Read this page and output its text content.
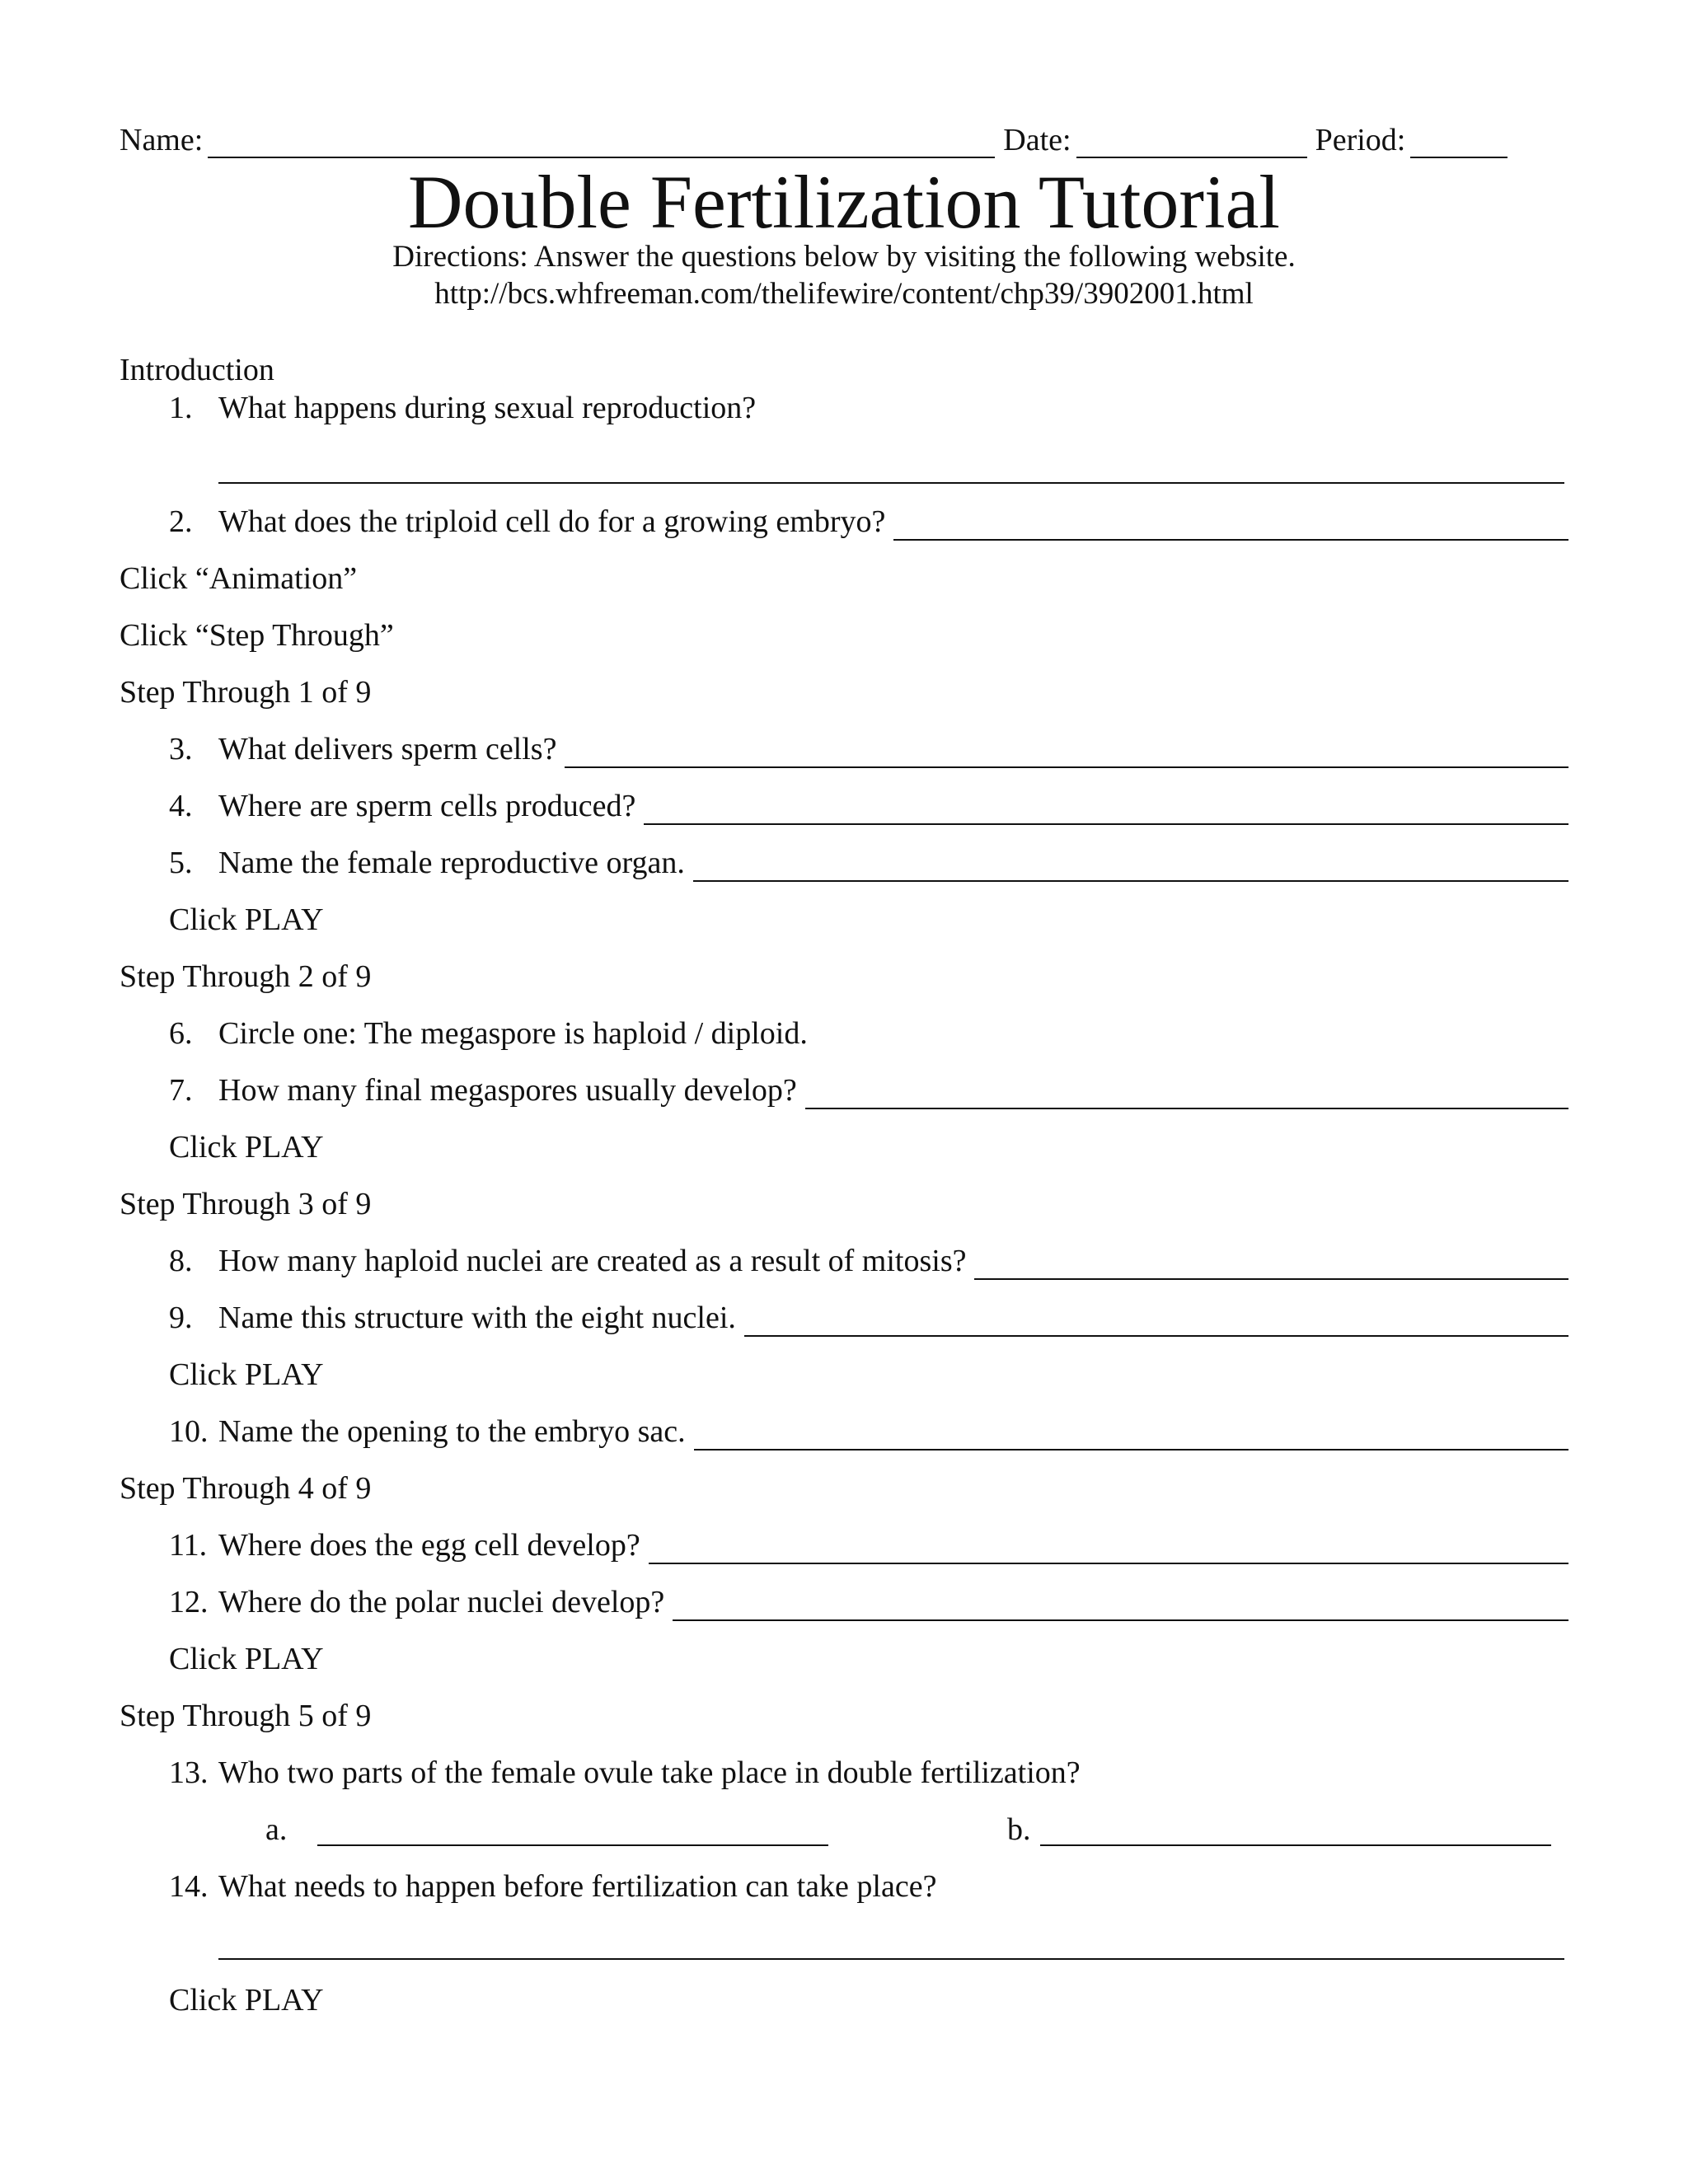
Name:	Date:	Period:
Double Fertilization Tutorial
Directions: Answer the questions below by visiting the following website.
http://bcs.whfreeman.com/thelifewire/content/chp39/3902001.html
Introduction
1. What happens during sexual reproduction?
2. What does the triploid cell do for a growing embryo?
Click “Animation”
Click “Step Through”
Step Through 1 of 9
3. What delivers sperm cells?
4. Where are sperm cells produced?
5. Name the female reproductive organ.
Click PLAY
Step Through 2 of 9
6. Circle one: The megaspore is haploid / diploid.
7. How many final megaspores usually develop?
Click PLAY
Step Through 3 of 9
8. How many haploid nuclei are created as a result of mitosis?
9. Name this structure with the eight nuclei.
Click PLAY
10. Name the opening to the embryo sac.
Step Through 4 of 9
11. Where does the egg cell develop?
12. Where do the polar nuclei develop?
Click PLAY
Step Through 5 of 9
13. Who two parts of the female ovule take place in double fertilization?
a.	b.
14. What needs to happen before fertilization can take place?
Click PLAY
